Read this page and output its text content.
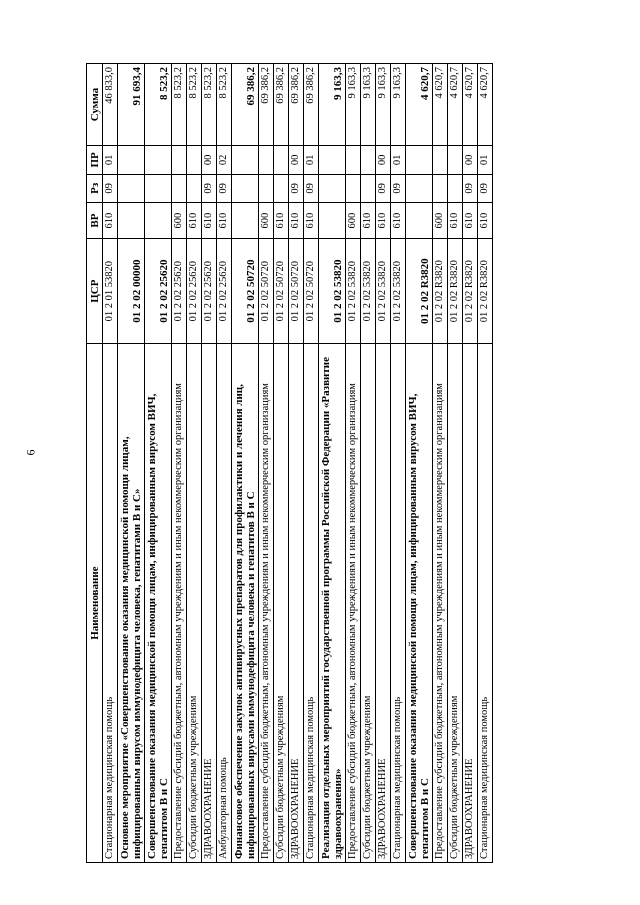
6
Наименование	ЦСР	ВР	Рз	ПР	Сумма
Стационарная медицинская помощь	01 2 01 53820	610	09	01	46 833,0
Основное мероприятие «Совершенствование оказания медицинской помощи лицам, инфицированным вирусом иммунодефицита человека, гепатитами В и С»	01 2 02 00000				91 693,4
Совершенствование оказания медицинской помощи лицам, инфицированным вирусом ВИЧ, гепатитом В и С	01 2 02 25620				8 523,2
Предоставление субсидий бюджетным, автономным учреждениям и иным некоммерческим организациям	01 2 02 25620	600			8 523,2
Субсидии бюджетным учреждениям	01 2 02 25620	610			8 523,2
ЗДРАВООХРАНЕНИЕ	01 2 02 25620	610	09	00	8 523,2
Амбулаторная помощь	01 2 02 25620	610	09	02	8 523,2
Финансовое обеспечение закупок антивирусных препаратов для профилактики и лечения лиц, инфицированных вирусами иммунодефицита человека и гепатитов В и С	01 2 02 50720				69 386,2
Предоставление субсидий бюджетным, автономным учреждениям и иным некоммерческим организациям	01 2 02 50720	600			69 386,2
Субсидии бюджетным учреждениям	01 2 02 50720	610			69 386,2
ЗДРАВООХРАНЕНИЕ	01 2 02 50720	610	09	00	69 386,2
Стационарная медицинская помощь	01 2 02 50720	610	09	01	69 386,2
Реализация отдельных мероприятий государственной программы Российской Федерации «Развитие здравоохранения»	01 2 02 53820				9 163,3
Предоставление субсидий бюджетным, автономным учреждениям и иным некоммерческим организациям	01 2 02 53820	600			9 163,3
Субсидии бюджетным учреждениям	01 2 02 53820	610			9 163,3
ЗДРАВООХРАНЕНИЕ	01 2 02 53820	610	09	00	9 163,3
Стационарная медицинская помощь	01 2 02 53820	610	09	01	9 163,3
Совершенствование оказания медицинской помощи лицам, инфицированным вирусом ВИЧ, гепатитом В и С	01 2 02 R3820				4 620,7
Предоставление субсидий бюджетным, автономным учреждениям и иным некоммерческим организациям	01 2 02 R3820	600			4 620,7
Субсидии бюджетным учреждениям	01 2 02 R3820	610			4 620,7
ЗДРАВООХРАНЕНИЕ	01 2 02 R3820	610	09	00	4 620,7
Стационарная медицинская помощь	01 2 02 R3820	610	09	01	4 620,7
